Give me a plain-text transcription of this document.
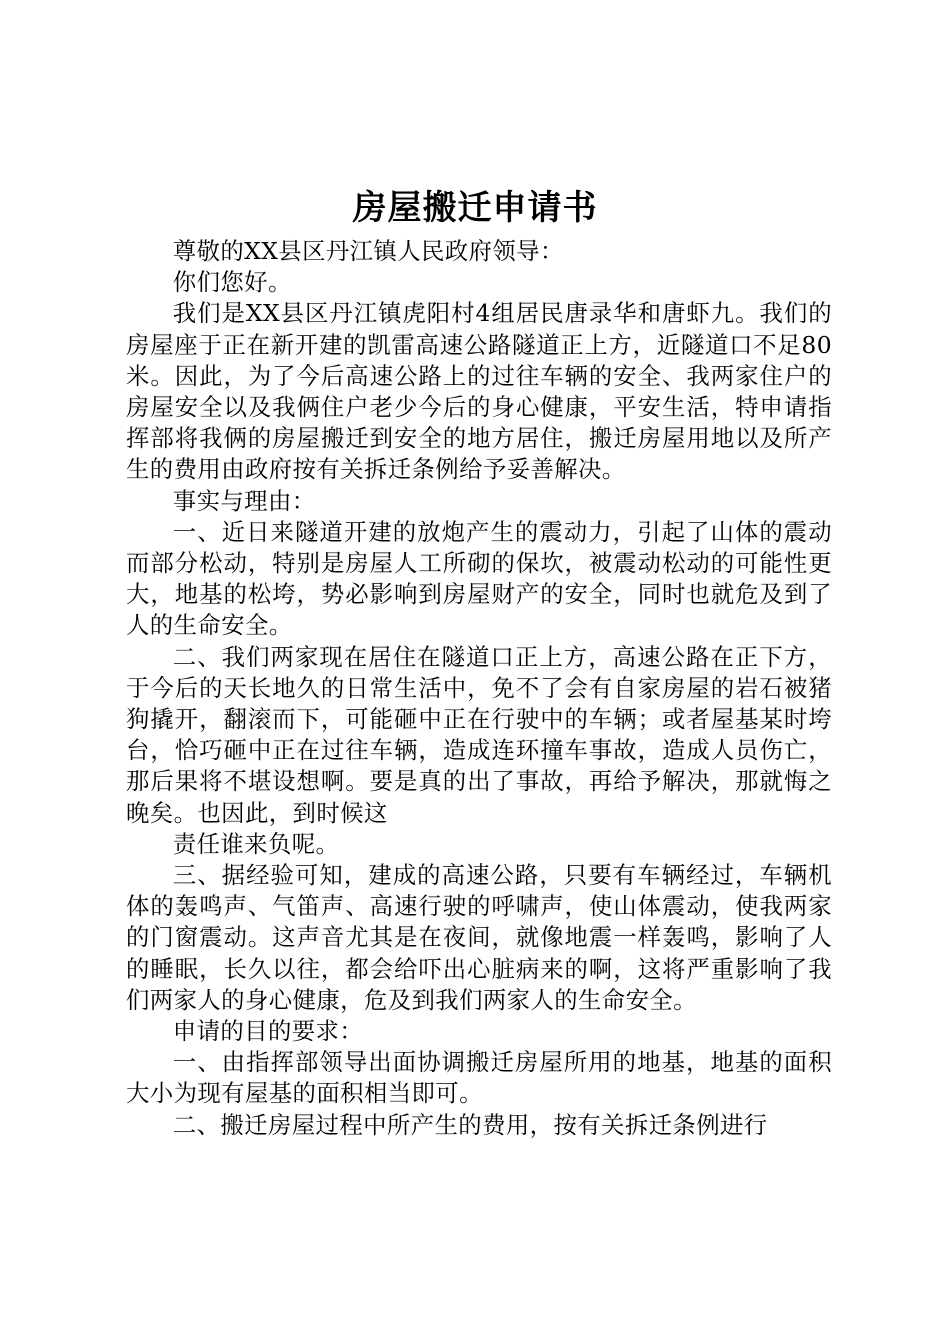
房屋搬迁申请书

尊敬的XX县区丹江镇人民政府领导：

你们您好。

我们是XX县区丹江镇虎阳村4组居民唐录华和唐虾九。我们的房屋座于正在新开建的凯雷高速公路隧道正上方，近隧道口不足80米。因此，为了今后高速公路上的过往车辆的安全、我两家住户的房屋安全以及我俩住户老少今后的身心健康，平安生活，特申请指挥部将我俩的房屋搬迁到安全的地方居住，搬迁房屋用地以及所产生的费用由政府按有关拆迁条例给予妥善解决。

事实与理由：

一、近日来隧道开建的放炮产生的震动力，引起了山体的震动而部分松动，特别是房屋人工所砌的保坎，被震动松动的可能性更大，地基的松垮，势必影响到房屋财产的安全，同时也就危及到了人的生命安全。

二、我们两家现在居住在隧道口正上方，高速公路在正下方，于今后的天长地久的日常生活中，免不了会有自家房屋的岩石被猪狗撬开，翻滚而下，可能砸中正在行驶中的车辆；或者屋基某时垮台，恰巧砸中正在过往车辆，造成连环撞车事故，造成人员伤亡，那后果将不堪设想啊。要是真的出了事故，再给予解决，那就悔之晚矣。也因此，到时候这

责任谁来负呢。

三、据经验可知，建成的高速公路，只要有车辆经过，车辆机体的轰鸣声、气笛声、高速行驶的呼啸声，使山体震动，使我两家的门窗震动。这声音尤其是在夜间，就像地震一样轰鸣，影响了人的睡眠，长久以往，都会给吓出心脏病来的啊，这将严重影响了我们两家人的身心健康，危及到我们两家人的生命安全。

申请的目的要求：

一、由指挥部领导出面协调搬迁房屋所用的地基，地基的面积大小为现有屋基的面积相当即可。

二、搬迁房屋过程中所产生的费用，按有关拆迁条例进行
